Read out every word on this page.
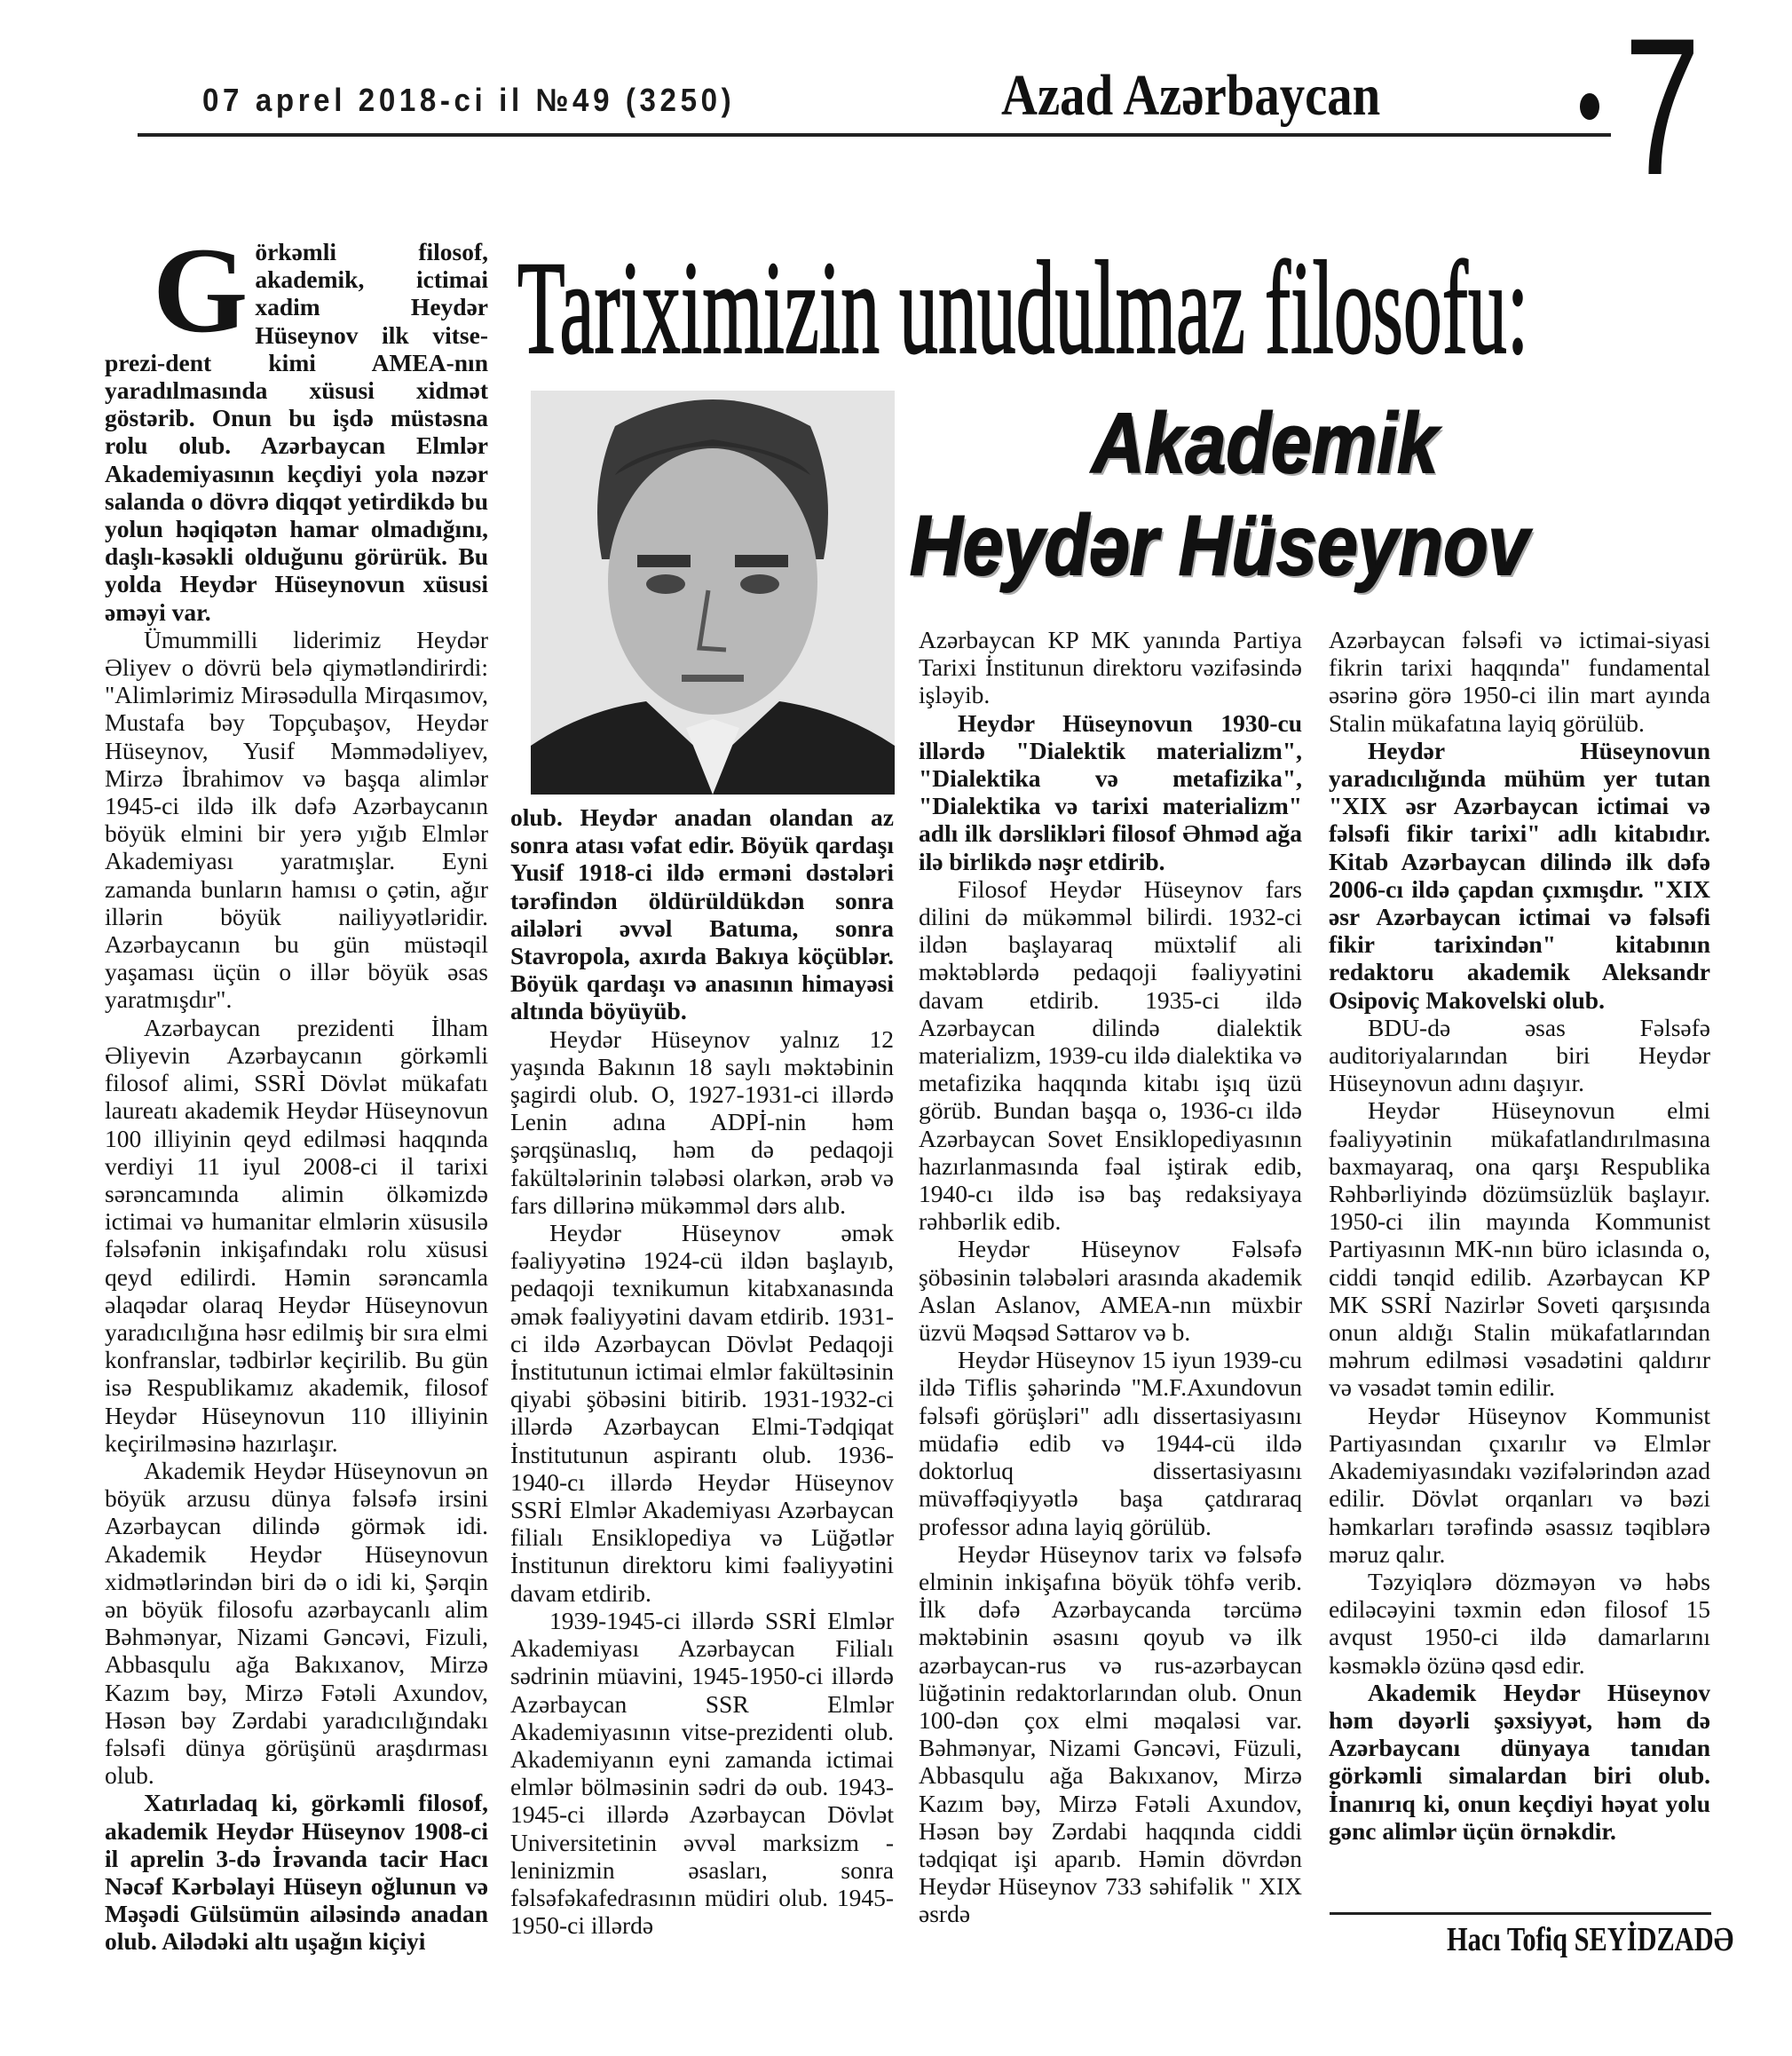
07 aprel 2018-ci il №49 (3250)	Azad Azərbaycan 7
Tariximizin unudulmaz filosofu:
Akademik
Heydər Hüseynov

Görkəmli filosof, akademik, ictimai xadim Heydər Hüseynov ilk vitse-prezi-dent kimi AMEA-nın yaradılmasında xüsusi xidmət göstərib. Onun bu işdə müstəsna rolu olub. Azərbaycan Elmlər Akademiyasının keçdiyi yola nəzər salanda o dövrə diqqət yetirdikdə bu yolun həqiqətən hamar olmadığını, daşlı-kəsəkli olduğunu görürük. Bu yolda Heydər Hüseynovun xüsusi əməyi var.

Ümummilli liderimiz Heydər Əliyev o dövrü belə qiymətləndirirdi: "Alimlərimiz Mirəsədulla Mirqasımov, Mustafa bəy Topçubaşov, Heydər Hüseynov, Yusif Məmmədəliyev, Mirzə İbrahimov və başqa alimlər 1945-ci ildə ilk dəfə Azərbaycanın böyük elmini bir yerə yığıb Elmlər Akademiyası yaratmışlar. Eyni zamanda bunların hamısı o çətin, ağır illərin böyük nailiyyətləridir. Azərbaycanın bu gün müstəqil yaşaması üçün o illər böyük əsas yaratmışdır".

Azərbaycan prezidenti İlham Əliyevin Azərbaycanın görkəmli filosof alimi, SSRİ Dövlət mükafatı laureatı akademik Heydər Hüseynovun 100 illiyinin qeyd edilməsi haqqında verdiyi 11 iyul 2008-ci il tarixi sərəncamında alimin ölkəmizdə ictimai və humanitar elmlərin xüsusilə fəlsəfənin inkişafındakı rolu xüsusi qeyd edilirdi. Həmin sərəncamla əlaqədar olaraq Heydər Hüseynovun yaradıcılığına həsr edilmiş bir sıra elmi konfranslar, tədbirlər keçirilib. Bu gün isə Respublikamız akademik, filosof Heydər Hüseynovun 110 illiyinin keçirilməsinə hazırlaşır.

Akademik Heydər Hüseynovun ən böyük arzusu dünya fəlsəfə irsini Azərbaycan dilində görmək idi. Akademik Heydər Hüseynovun xidmətlərindən biri də o idi ki, Şərqin ən böyük filosofu azərbaycanlı alim Bəhmənyar, Nizami Gəncəvi, Fizuli, Abbasqulu ağa Bakıxanov, Mirzə Kazım bəy, Mirzə Fətəli Axundov, Həsən bəy Zərdabi yaradıcılığındakı fəlsəfi dünya görüşünü araşdırması olub.

Xatırladaq ki, görkəmli filosof, akademik Heydər Hüseynov 1908-ci il aprelin 3-də İrəvanda tacir Hacı Nəcəf Kərbəlayi Hüseyn oğlunun və Məşədi Gülsümün ailəsində anadan olub. Ailədəki altı uşağın kiçiyi

olub. Heydər anadan olandan az sonra atası vəfat edir. Böyük qardaşı Yusif 1918-ci ildə erməni dəstələri tərəfindən öldürüldükdən sonra ailələri əvvəl Batuma, sonra Stavropola, axırda Bakıya köçüblər. Böyük qardaşı və anasının himayəsi altında böyüyüb.

Heydər Hüseynov yalnız 12 yaşında Bakının 18 saylı məktəbinin şagirdi olub. O, 1927-1931-ci illərdə Lenin adına ADPİ-nin həm şərqşünaslıq, həm də pedaqoji fakültələrinin tələbəsi olarkən, ərəb və fars dillərinə mükəmməl dərs alıb.

Heydər Hüseynov əmək fəaliyyətinə 1924-cü ildən başlayıb, pedaqoji texnikumun kitabxanasında əmək fəaliyyətini davam etdirib. 1931-ci ildə Azərbaycan Dövlət Pedaqoji İnstitutunun ictimai elmlər fakültəsinin qiyabi şöbəsini bitirib. 1931-1932-ci illərdə Azərbaycan Elmi-Tədqiqat İnstitutunun aspirantı olub. 1936-1940-cı illərdə Heydər Hüseynov SSRİ Elmlər Akademiyası Azərbaycan filialı Ensiklopediya və Lüğətlər İnstitunun direktoru kimi fəaliyyətini davam etdirib.

1939-1945-ci illərdə SSRİ Elmlər Akademiyası Azərbaycan Filialı sədrinin müavini, 1945-1950-ci illərdə Azərbaycan SSR Elmlər Akademiyasının vitse-prezidenti olub. Akademiyanın eyni zamanda ictimai elmlər bölməsinin sədri də oub. 1943-1945-ci illərdə Azərbaycan Dövlət Universitetinin əvvəl marksizm - leninizmin əsasları, sonra fəlsəfəkafedrasının müdiri olub. 1945-1950-ci illərdə

Azərbaycan KP MK yanında Partiya Tarixi İnstitunun direktoru vəzifəsində işləyib.

Heydər Hüseynovun 1930-cu illərdə "Dialektik materializm", "Dialektika və metafizika", "Dialektika və tarixi materializm" adlı ilk dərslikləri filosof Əhməd ağa ilə birlikdə nəşr etdirib.

Filosof Heydər Hüseynov fars dilini də mükəmməl bilirdi. 1932-ci ildən başlayaraq müxtəlif ali məktəblərdə pedaqoji fəaliyyətini davam etdirib. 1935-ci ildə Azərbaycan dilində dialektik materializm, 1939-cu ildə dialektika və metafizika haqqında kitabı işıq üzü görüb. Bundan başqa o, 1936-cı ildə Azərbaycan Sovet Ensiklopediyasının hazırlanmasında fəal iştirak edib, 1940-cı ildə isə baş redaksiyaya rəhbərlik edib.

Heydər Hüseynov Fəlsəfə şöbəsinin tələbələri arasında akademik Aslan Aslanov, AMEA-nın müxbir üzvü Məqsəd Səttarov və b.

Heydər Hüseynov 15 iyun 1939-cu ildə Tiflis şəhərində "M.F.Axundovun fəlsəfi görüşləri" adlı dissertasiyasını müdafiə edib və 1944-cü ildə doktorluq dissertasiyasını müvəffəqiyyətlə başa çatdıraraq professor adına layiq görülüb.

Heydər Hüseynov tarix və fəlsəfə elminin inkişafına böyük töhfə verib. İlk dəfə Azərbaycanda tərcümə məktəbinin əsasını qoyub və ilk azərbaycan-rus və rus-azərbaycan lüğətinin redaktorlarından olub. Onun 100-dən çox elmi məqaləsi var. Bəhmənyar, Nizami Gəncəvi, Füzuli, Abbasqulu ağa Bakıxanov, Mirzə Kazım bəy, Mirzə Fətəli Axundov, Həsən bəy Zərdabi haqqında ciddi tədqiqat işi aparıb. Həmin dövrdən Heydər Hüseynov 733 səhifəlik " XIX əsrdə

Azərbaycan fəlsəfi və ictimai-siyasi fikrin tarixi haqqında" fundamental əsərinə görə 1950-ci ilin mart ayında Stalin mükafatına layiq görülüb.

Heydər Hüseynovun yaradıcılığında mühüm yer tutan "XIX əsr Azərbaycan ictimai və fəlsəfi fikir tarixi" adlı kitabıdır. Kitab Azərbaycan dilində ilk dəfə 2006-cı ildə çapdan çıxmışdır. "XIX əsr Azərbaycan ictimai və fəlsəfi fikir tarixindən" kitabının redaktoru akademik Aleksandr Osipoviç Makovelski olub.

BDU-də əsas Fəlsəfə auditoriyalarından biri Heydər Hüseynovun adını daşıyır.

Heydər Hüseynovun elmi fəaliyyətinin mükafatlandırılmasına baxmayaraq, ona qarşı Respublika Rəhbərliyində dözümsüzlük başlayır. 1950-ci ilin mayında Kommunist Partiyasının MK-nın büro iclasında o, ciddi tənqid edilib. Azərbaycan KP MK SSRİ Nazirlər Soveti qarşısında onun aldığı Stalin mükafatlarından məhrum edilməsi vəsadətini qaldırır və vəsadət təmin edilir.

Heydər Hüseynov Kommunist Partiyasından çıxarılır və Elmlər Akademiyasındakı vəzifələrindən azad edilir. Dövlət orqanları və bəzi həmkarları tərəfində əsassız təqiblərə məruz qalır.

Təzyiqlərə dözməyən və həbs ediləcəyini təxmin edən filosof 15 avqust 1950-ci ildə damarlarını kəsməklə özünə qəsd edir.

Akademik Heydər Hüseynov həm dəyərli şəxsiyyət, həm də Azərbaycanı dünyaya tanıdan görkəmli simalardan biri olub. İnanırıq ki, onun keçdiyi həyat yolu gənc alimlər üçün örnəkdir.

Hacı Tofiq SEYİDZADƏ
